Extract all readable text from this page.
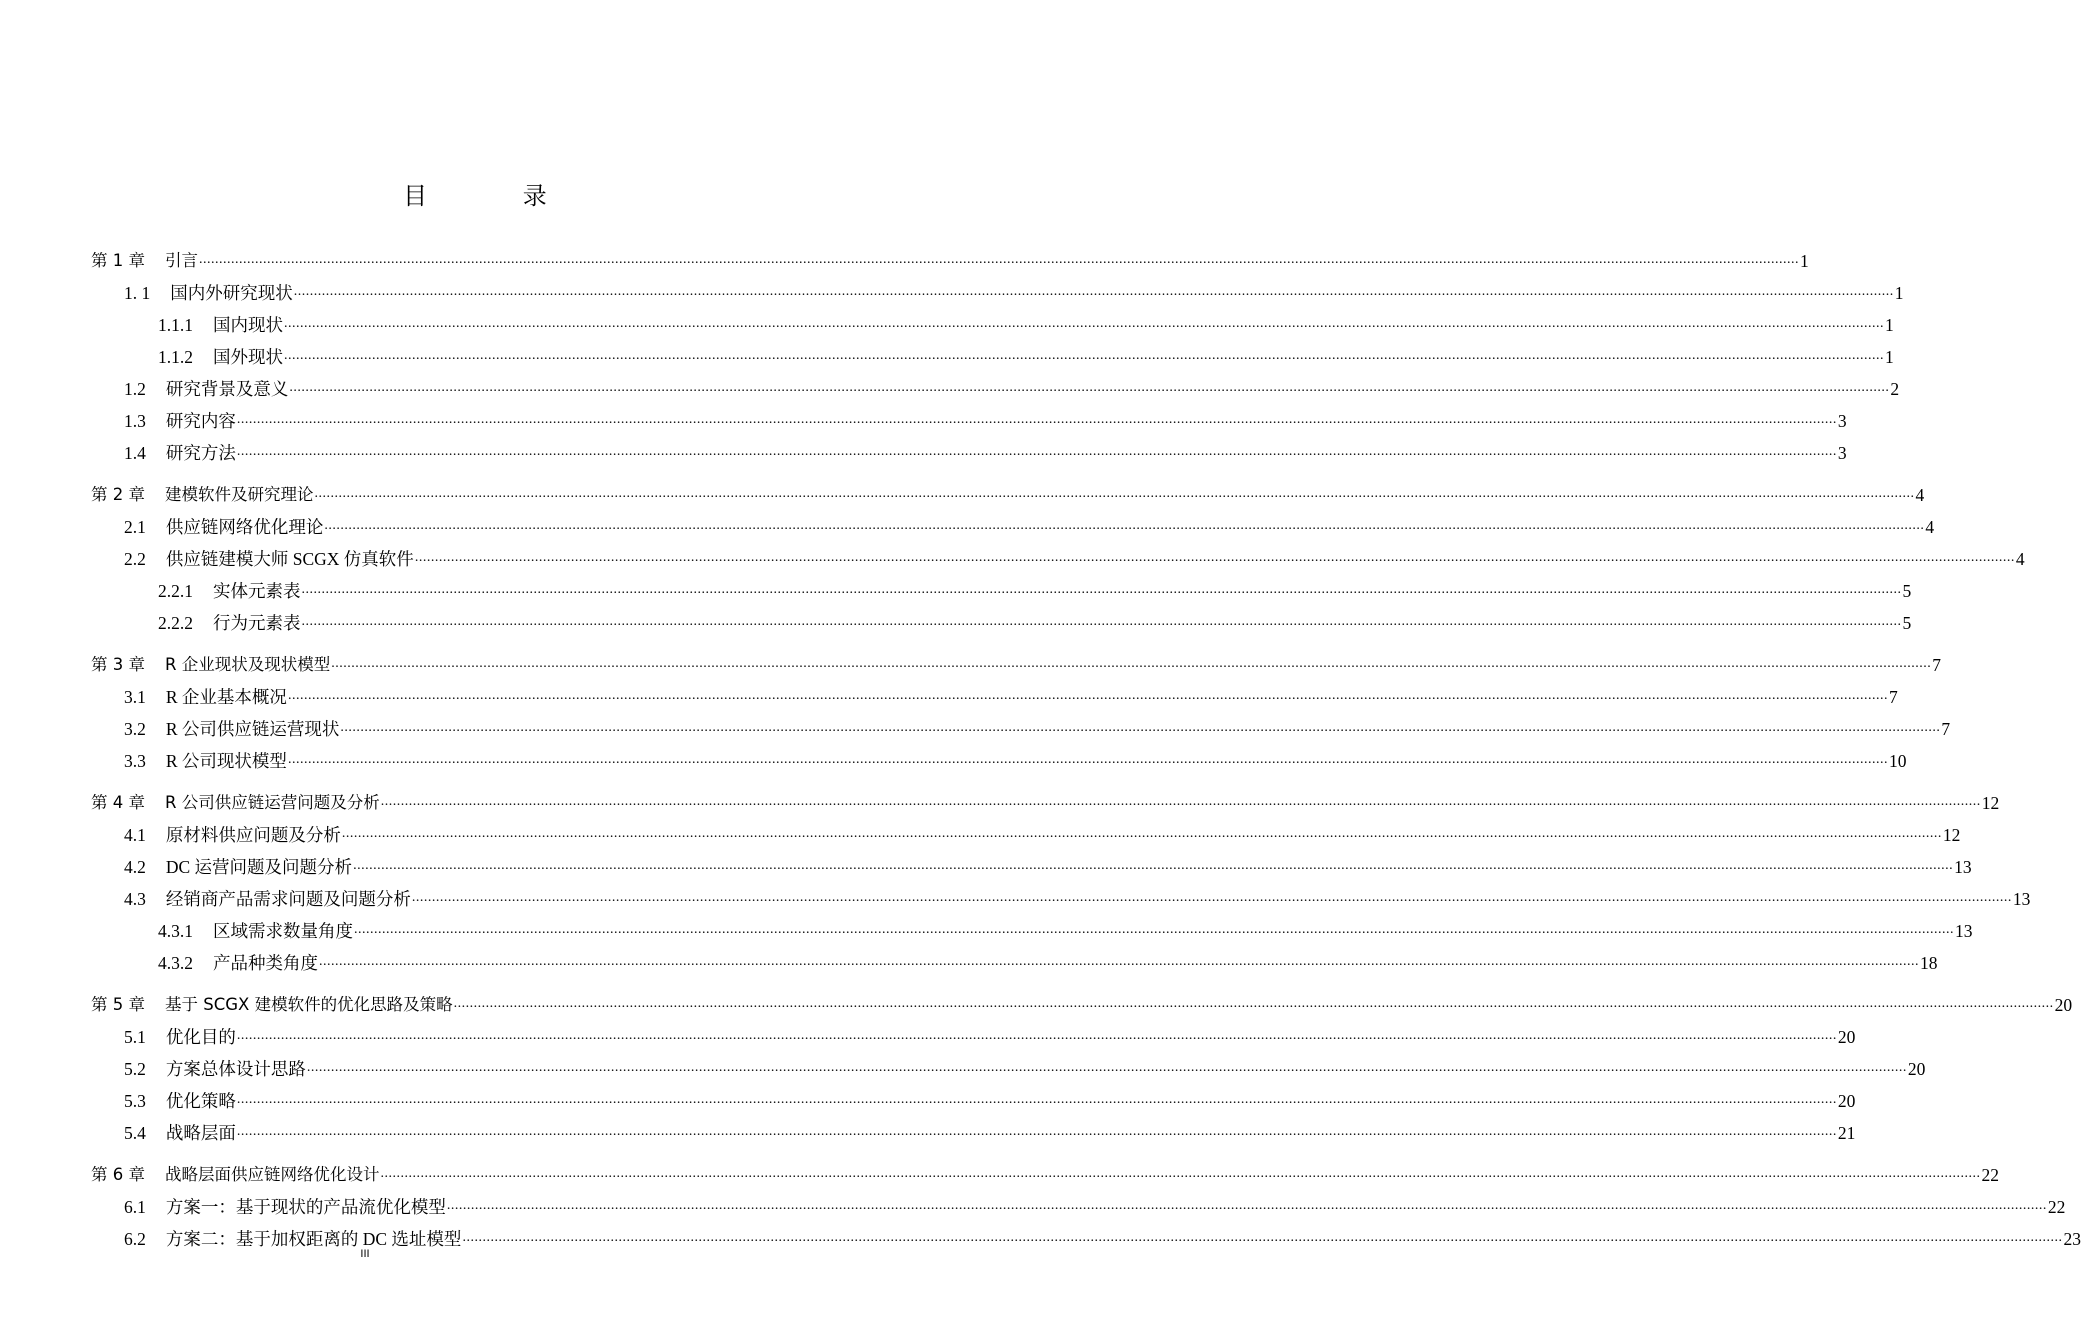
目 录
第 1 章 引言 ................................................................................................................................................................................................................................................................................................................................................................................................................ 1
1. 1 国内外研究现状 ................................................................................................................................................................................................................................................................................................................................................................................................................ 1
1.1.1 国内现状 ................................................................................................................................................................................................................................................................................................................................................................................................................ 1
1.1.2 国外现状 ................................................................................................................................................................................................................................................................................................................................................................................................................ 1
1.2 研究背景及意义 ................................................................................................................................................................................................................................................................................................................................................................................................................ 2
1.3 研究内容 ................................................................................................................................................................................................................................................................................................................................................................................................................ 3
1.4 研究方法 ................................................................................................................................................................................................................................................................................................................................................................................................................ 3
第 2 章 建模软件及研究理论 ................................................................................................................................................................................................................................................................................................................................................................................................................ 4
2.1 供应链网络优化理论 ................................................................................................................................................................................................................................................................................................................................................................................................................ 4
2.2 供应链建模大师 SCGX 仿真软件 ................................................................................................................................................................................................................................................................................................................................................................................................................ 4
2.2.1 实体元素表 ................................................................................................................................................................................................................................................................................................................................................................................................................ 5
2.2.2 行为元素表 ................................................................................................................................................................................................................................................................................................................................................................................................................ 5
第 3 章 R 企业现状及现状模型 ................................................................................................................................................................................................................................................................................................................................................................................................................ 7
3.1 R 企业基本概况 ................................................................................................................................................................................................................................................................................................................................................................................................................ 7
3.2 R 公司供应链运营现状 ................................................................................................................................................................................................................................................................................................................................................................................................................ 7
3.3 R 公司现状模型 ................................................................................................................................................................................................................................................................................................................................................................................................................ 10
第 4 章 R 公司供应链运营问题及分析 ................................................................................................................................................................................................................................................................................................................................................................................................................ 12
4.1 原材料供应问题及分析 ................................................................................................................................................................................................................................................................................................................................................................................................................ 12
4.2 DC 运营问题及问题分析 ................................................................................................................................................................................................................................................................................................................................................................................................................ 13
4.3 经销商产品需求问题及问题分析 ................................................................................................................................................................................................................................................................................................................................................................................................................ 13
4.3.1 区域需求数量角度 ................................................................................................................................................................................................................................................................................................................................................................................................................ 13
4.3.2 产品种类角度 ................................................................................................................................................................................................................................................................................................................................................................................................................ 18
第 5 章 基于 SCGX 建模软件的优化思路及策略 ................................................................................................................................................................................................................................................................................................................................................................................................................ 20
5.1 优化目的 ................................................................................................................................................................................................................................................................................................................................................................................................................ 20
5.2 方案总体设计思路 ................................................................................................................................................................................................................................................................................................................................................................................................................ 20
5.3 优化策略 ................................................................................................................................................................................................................................................................................................................................................................................................................ 20
5.4 战略层面 ................................................................................................................................................................................................................................................................................................................................................................................................................ 21
第 6 章 战略层面供应链网络优化设计 ................................................................................................................................................................................................................................................................................................................................................................................................................ 22
6.1 方案一：基于现状的产品流优化模型 ................................................................................................................................................................................................................................................................................................................................................................................................................ 22
6.2 方案二：基于加权距离的 DC 选址模型 ................................................................................................................................................................................................................................................................................................................................................................................................................ 23
III
